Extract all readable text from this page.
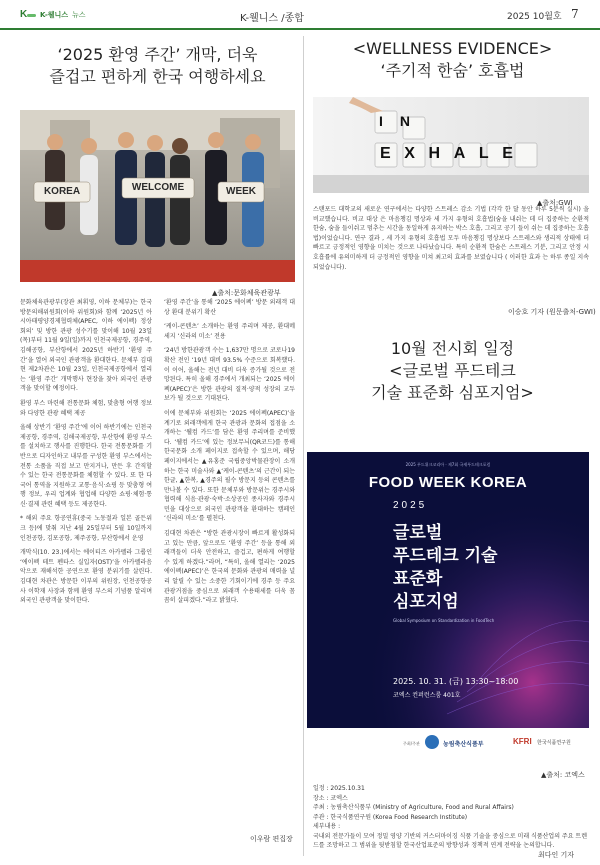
K K-웰니스 뉴스	K-웰니스 /종합	2025 10월호 7
‘2025 환영 주간’ 개막, 더욱
즐겁고 편하게 한국 여행하세요
KOREA	WELCOME	WEEK
▲출처:문화체육관광부

문화체육관광부(장관 최휘영, 이하 문체부)는 한국방문의해위원회(이하 위원회)와 함께 ‘2025년 아시아태평양경제협력체(APEC, 이하 에이펙) 정상회의’ 및 방한 관광 성수기를 맞이해 10월 23일(목)부터 11월 9일(일)까지 인천국제공항, 경주역, 김해공항, 부산항에서 2025년 하반기 ‘환영 주간’을 열어 외국인 관광객을 환대한다. 문체부 김대현 제2차관은 10월 23일, 인천국제공항에서 열리는 ‘환영 주간’ 개막행사 현장을 찾아 외국인 관광객을 맞이할 예정이다.

환영 부스 마련해 전통문화 체험, 맞춤형 여행 정보와 다양한 관광 혜택 제공

올해 상반기 ‘환영 주간’에 이어 하반기에는 인천국제공항, 경주역, 김해국제공항, 부산항에 환영 부스를 설치하고 행사를 진행한다. 한국 전통문화를 기반으로 디자인하고 내부를 구성한 환영 부스에서는 전통 소품을 직접 보고 만지거나, 만든 후 간직할 수 있는 한국 전통문화를 체험할 수 있다. 또 한 다국어 통역을 지원하고 교통·음식·쇼핑 등 맞춤형 여행 정보, 우리 업계와 협업해 다양한 쇼핑·체험·통신·결제 관련 혜택 등도 제공한다.

* 해외 주요 항공연휴(중국 노동절과 일본 골든위크 등)에 맞춰 지난 4월 25일부터 5월 10일까지 인천공항, 김포공항, 제주공항, 부산항에서 운영

개막식(10. 23.)에서는 에이티즈 아카펠라 그룹인 ‘에이펙 테트 펜타스 실입자(OST)’을 아카펠라음악으로 재해석한 공연으로 환영 분위기를 살린다. 김대현 차관은 방문한 이부의 위원장, 인천공항공사 이학재 사장과 함께 환영 부스의 기념품 알리며 외국인 관광객을 맞이한다.

‘환영 주간’을 통해 ‘2025 에이펙’ 방문 외래객 대상 환대 분위기 확산

‘케이-콘텐츠’ 소개하는 환영 주리며 제공, 환대메세지 ‘신라의 미소’ 전용

‘24년 방한관광객 수는 1,637만 명으로 코로나19 확산 전인 ‘19년 대비 93.5% 수준으로 회복했다. 이 이어, 올해는 전년 대비 더욱 증가될 것으로 전망된다. 특히 올해 경주에서 개최되는 ‘2025 에이펙(APEC)’은 방한 관광의 질적·양적 성장의 교두보가 될 것으로 기대된다.

이에 문체부와 위원회는 ‘2025 에이펙(APEC)’을 계기로 외래객에게 한국 관광과 문화의 접점을 소개하는 ‘웰컴 카드’를 담은 환영 주리며를 준비했다. ‘웰컴 카드’에 있는 정보무늬(QR코드)를 통해 한국문화 소개 페이지로 접속할 수 있으며, 해당 페이지에서는 ▲유홍준 국립중앙박물관장이 소개하는 한국 미술사와 ▲‘케이-콘텐츠’의 근간이 되는 한글, ▲한복, ▲경주의 필수 방문지 등의 콘텐츠를 만나볼 수 있다. 또한 문체부와 방문위는 경주시와 협력해 식음·관광·숙박·소상공인 종사자와 경주시민을 대상으로 외국인 관광객을 환대하는 캠페인 ‘신라의 미소’를 펼친다.

김대현 차관은 “방한 관광시장이 빠르게 활성화되고 있는 만큼, 앞으로도 ‘환영 주간’ 등을 통해 외래객들이 더욱 안전하고, 즐겁고, 편하게 여행할 수 있게 하겠다.”라며, “특히, 올해 열리는 ‘2025 에이펙(APEC)’은 한국의 문화와 관광의 매력을 널리 알릴 수 있는 소중한 기회이기에 경주 등 주요 관광거점을 중심으로 외래객 수용태세를 더욱 꼼꼼히 살피겠다.”라고 밝혔다.

이우람 편집장
<WELLNESS EVIDENCE>
‘주기적 한숨’ 호흡법
IN
EXHALE
▲출처:GWI
스탠포드 대학교의 새로운 연구에서는 다양한 스트레스 감소 기법 (각각 한 달 동안 하루 5분씩 실시) 을 비교했습니다. 비교 대상 은 마음챙김 명상과 세 가지 유형의 호흡법(숨을 내쉬는 데 더 집중하는 순환적 한숨, 숨을 들이쉬고 멈추는 시간을 동일하게 유지하는 박스 호흡, 그리고 공기 들이 쉬는 데 집중하는 호흡법)이었습니다. 연구 결과 , 세 가지 유형의 호흡법 모두 마음챙김 명상보다 스트레스와 생리적 상태에 더 빠르고 긍정적인 영향을 미치는 것으로 나타났습니다. 특히 순환적 한숨은 스트레스 기분, 그리고 안정 시 호흡률에 유의미하게 더 긍정적인 영향을 미쳐 최고의 효과를 보였습니다 ( 이러한 효과 는 하루 종일 지속되었습니다).
이승호 기자 (원문출처-GWI)
10월 전시회 일정
<글로벌 푸드테크
기술 표준화 심포지엄>
2025 푸드위크코리아 · 제7회 국제푸드테크포럼
FOOD WEEK KOREA
2025
글로벌
푸드테크 기술
표준화
심포지엄
Global Symposium on Standardization in FoodTech
2025. 10. 31. (금) 13:30~18:00
코엑스 컨퍼런스룸 401호
주최/주관	농림축산식품부	KFRI 한국식품연구원
▲출처: 코엑스
일정 : 2025.10.31
장소 : 코엑스
주최 : 농림축산식품부 (Ministry of Agriculture, Food and Rural Affairs)
주관 : 한국식품연구원 (Korea Food Research Institute)
세부내용 :
국내외 전문가들이 모여 정밀 영양 기반의 커스터마이징 식품 기술을 중심으로 미래 식품산업의 주요 트렌드를 조망하고 그 범위을 뒷받침할 한국산업표준의 방향성과 정책적 연계 전략을 논의합니다.
최다인 기자
